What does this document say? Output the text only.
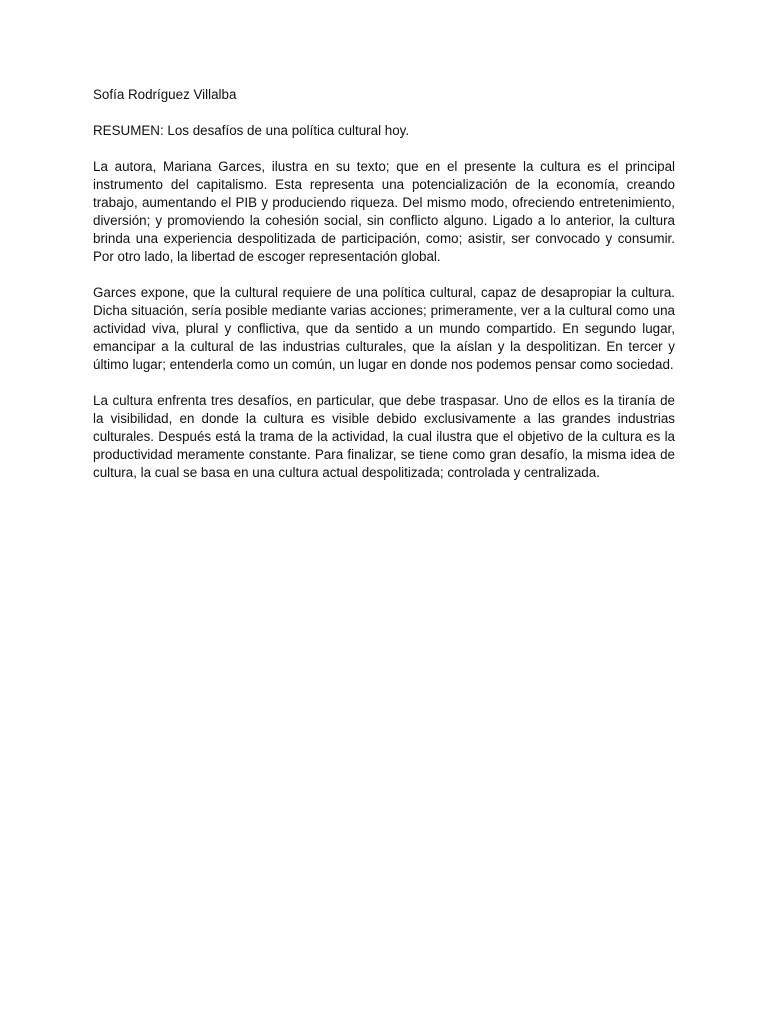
Sofía Rodríguez Villalba

RESUMEN: Los desafíos de una política cultural hoy.

La autora, Mariana Garces, ilustra en su texto; que en el presente la cultura es el principal instrumento del capitalismo. Esta representa una potencialización de la economía, creando trabajo, aumentando el PIB y produciendo riqueza. Del mismo modo, ofreciendo entretenimiento, diversión; y promoviendo la cohesión social, sin conflicto alguno. Ligado a lo anterior, la cultura brinda una experiencia despolitizada de participación, como; asistir, ser convocado y consumir. Por otro lado, la libertad de escoger representación global.

Garces expone, que la cultural requiere de una política cultural, capaz de desapropiar la cultura. Dicha situación, sería posible mediante varias acciones; primeramente, ver a la cultural como una actividad viva, plural y conflictiva, que da sentido a un mundo compartido. En segundo lugar, emancipar a la cultural de las industrias culturales, que la aíslan y la despolitizan. En tercer y último lugar; entenderla como un común, un lugar en donde nos podemos pensar como sociedad.

La cultura enfrenta tres desafíos, en particular, que debe traspasar. Uno de ellos es la tiranía de la visibilidad, en donde la cultura es visible debido exclusivamente a las grandes industrias culturales. Después está la trama de la actividad, la cual ilustra que el objetivo de la cultura es la productividad meramente constante. Para finalizar, se tiene como gran desafío, la misma idea de cultura, la cual se basa en una cultura actual despolitizada; controlada y centralizada.
